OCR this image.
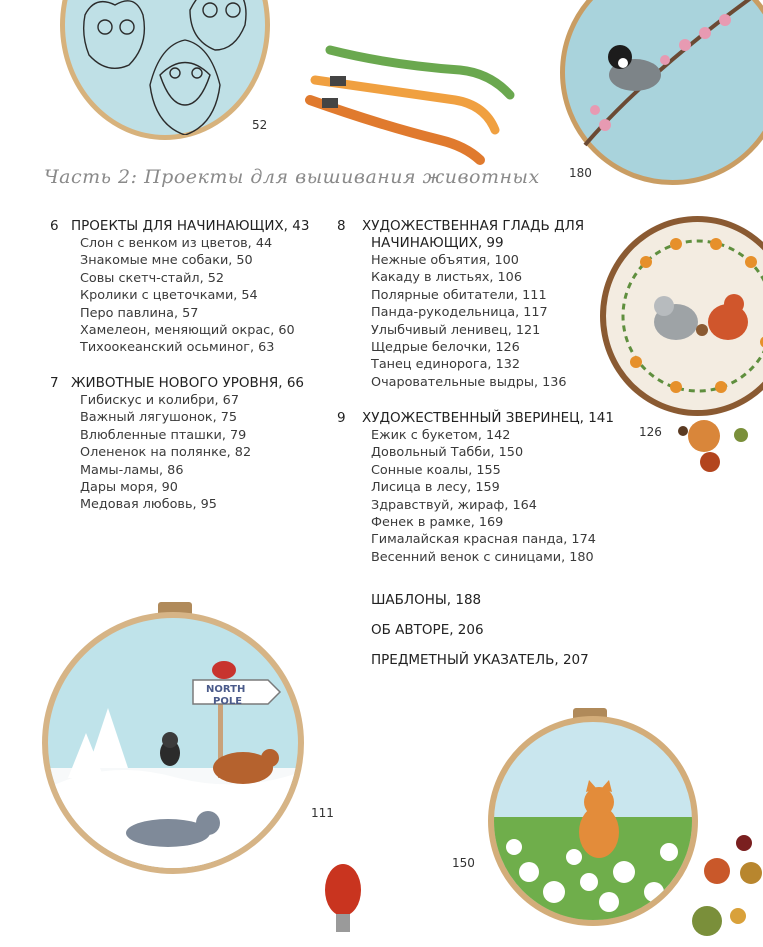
52
180
126
Часть 2: Проекты для вышивания животных
6 ПРОЕКТЫ ДЛЯ НАЧИНАЮЩИХ, 43
Слон с венком из цветов, 44
Знакомые мне собаки, 50
Совы скетч-стайл, 52
Кролики с цветочками, 54
Перо павлина, 57
Хамелеон, меняющий окрас, 60
Тихоокеанский осьминог, 63
7 ЖИВОТНЫЕ НОВОГО УРОВНЯ, 66
Гибискус и колибри, 67
Важный лягушонок, 75
Влюбленные пташки, 79
Олененок на полянке, 82
Мамы-ламы, 86
Дары моря, 90
Медовая любовь, 95
8 ХУДОЖЕСТВЕННАЯ ГЛАДЬ ДЛЯ
НАЧИНАЮЩИХ, 99
Нежные объятия, 100
Какаду в листьях, 106
Полярные обитатели, 111
Панда-рукодельница, 117
Улыбчивый ленивец, 121
Щедрые белочки, 126
Танец единорога, 132
Очаровательные выдры, 136
9 ХУДОЖЕСТВЕННЫЙ ЗВЕРИНЕЦ, 141
Ежик с букетом, 142
Довольный Табби, 150
Сонные коалы, 155
Лисица в лесу, 159
Здравствуй, жираф, 164
Фенек в рамке, 169
Гималайская красная панда, 174
Весенний венок с синицами, 180
ШАБЛОНЫ, 188
ОБ АВТОРЕ, 206
ПРЕДМЕТНЫЙ УКАЗАТЕЛЬ, 207
NORTH
POLE
111
150
